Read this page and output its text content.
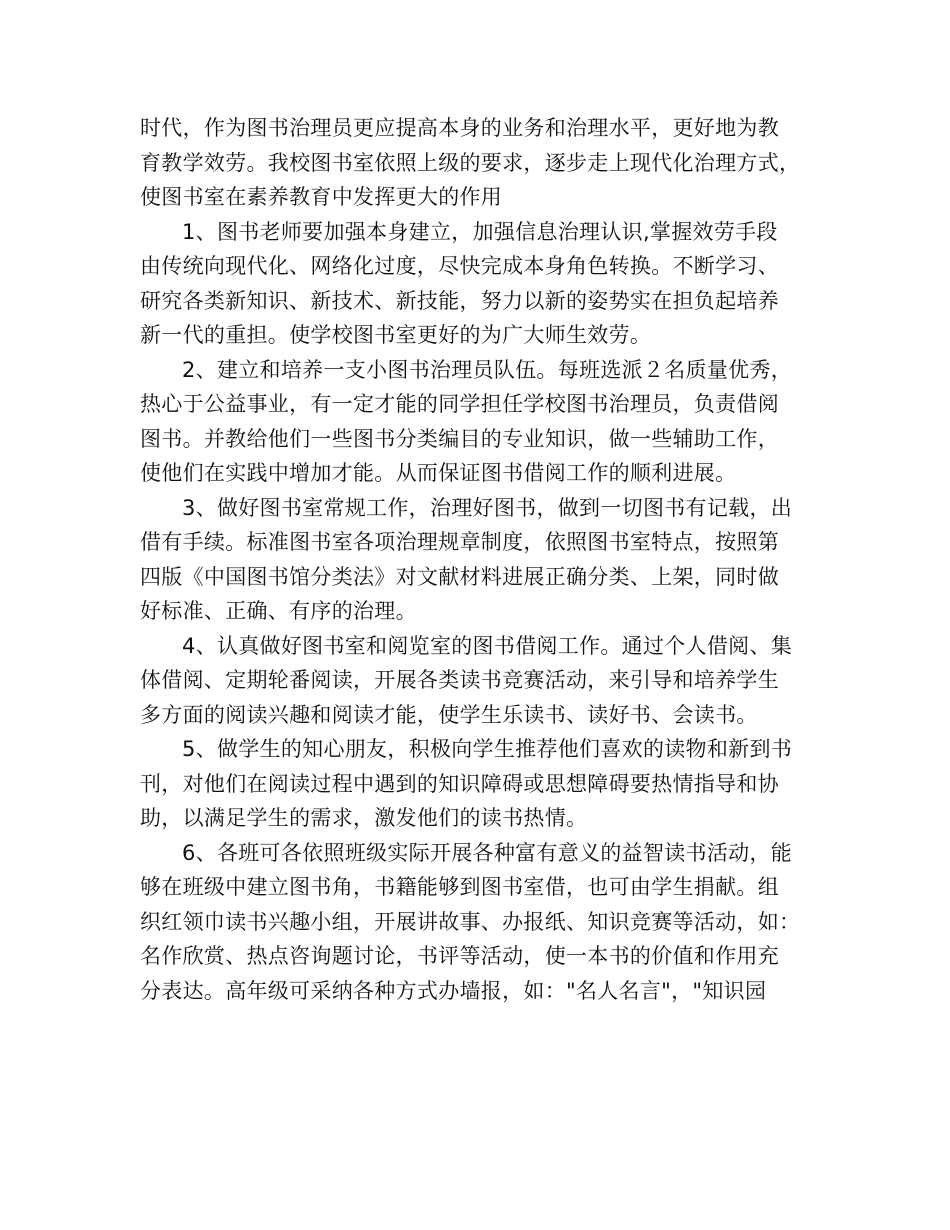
时代，作为图书治理员更应提高本身的业务和治理水平，更好地为教
育教学效劳。我校图书室依照上级的要求，逐步走上现代化治理方式，
使图书室在素养教育中发挥更大的作用
1、图书老师要加强本身建立，加强信息治理认识,掌握效劳手段
由传统向现代化、网络化过度，尽快完成本身角色转换。不断学习、
研究各类新知识、新技术、新技能，努力以新的姿势实在担负起培养
新一代的重担。使学校图书室更好的为广大师生效劳。
2、建立和培养一支小图书治理员队伍。每班选派２名质量优秀，
热心于公益事业，有一定才能的同学担任学校图书治理员，负责借阅
图书。并教给他们一些图书分类编目的专业知识，做一些辅助工作，
使他们在实践中增加才能。从而保证图书借阅工作的顺利进展。
3、做好图书室常规工作，治理好图书，做到一切图书有记载，出
借有手续。标准图书室各项治理规章制度，依照图书室特点，按照第
四版《中国图书馆分类法》对文献材料进展正确分类、上架，同时做
好标准、正确、有序的治理。
4、认真做好图书室和阅览室的图书借阅工作。通过个人借阅、集
体借阅、定期轮番阅读，开展各类读书竞赛活动，来引导和培养学生
多方面的阅读兴趣和阅读才能，使学生乐读书、读好书、会读书。
5、做学生的知心朋友，积极向学生推荐他们喜欢的读物和新到书
刊，对他们在阅读过程中遇到的知识障碍或思想障碍要热情指导和协
助，以满足学生的需求，激发他们的读书热情。
6、各班可各依照班级实际开展各种富有意义的益智读书活动，能
够在班级中建立图书角，书籍能够到图书室借，也可由学生捐献。组
织红领巾读书兴趣小组，开展讲故事、办报纸、知识竞赛等活动，如：
名作欣赏、热点咨询题讨论，书评等活动，使一本书的价值和作用充
分表达。高年级可采纳各种方式办墙报，如："名人名言"，"知识园
